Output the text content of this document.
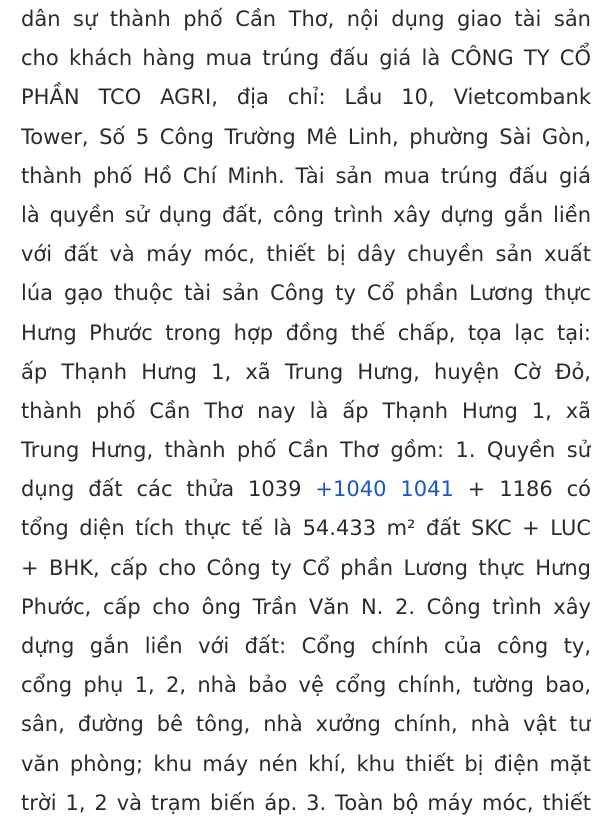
dân sự thành phố Cần Thơ, nội dụng giao tài sản
cho khách hàng mua trúng đấu giá là CÔNG TY CỔ
PHẦN TCO AGRI, địa chỉ: Lầu 10, Vietcombank
Tower, Số 5 Công Trường Mê Linh, phường Sài Gòn,
thành phố Hồ Chí Minh. Tài sản mua trúng đấu giá
là quyền sử dụng đất, công trình xây dựng gắn liền
với đất và máy móc, thiết bị dây chuyền sản xuất
lúa gạo thuộc tài sản Công ty Cổ phần Lương thực
Hưng Phước trong hợp đồng thế chấp, tọa lạc tại:
ấp Thạnh Hưng 1, xã Trung Hưng, huyện Cờ Đỏ,
thành phố Cần Thơ nay là ấp Thạnh Hưng 1, xã
Trung Hưng, thành phố Cần Thơ gồm: 1. Quyền sử
dụng đất các thửa 1039 +1040 1041 + 1186 có
tổng diện tích thực tế là 54.433 m² đất SKC + LUC
+ BHK, cấp cho Công ty Cổ phần Lương thực Hưng
Phước, cấp cho ông Trần Văn N. 2. Công trình xây
dựng gắn liền với đất: Cổng chính của công ty,
cổng phụ 1, 2, nhà bảo vệ cổng chính, tường bao,
sân, đường bê tông, nhà xưởng chính, nhà vật tư
văn phòng; khu máy nén khí, khu thiết bị điện mặt
trời 1, 2 và trạm biến áp. 3. Toàn bộ máy móc, thiết
